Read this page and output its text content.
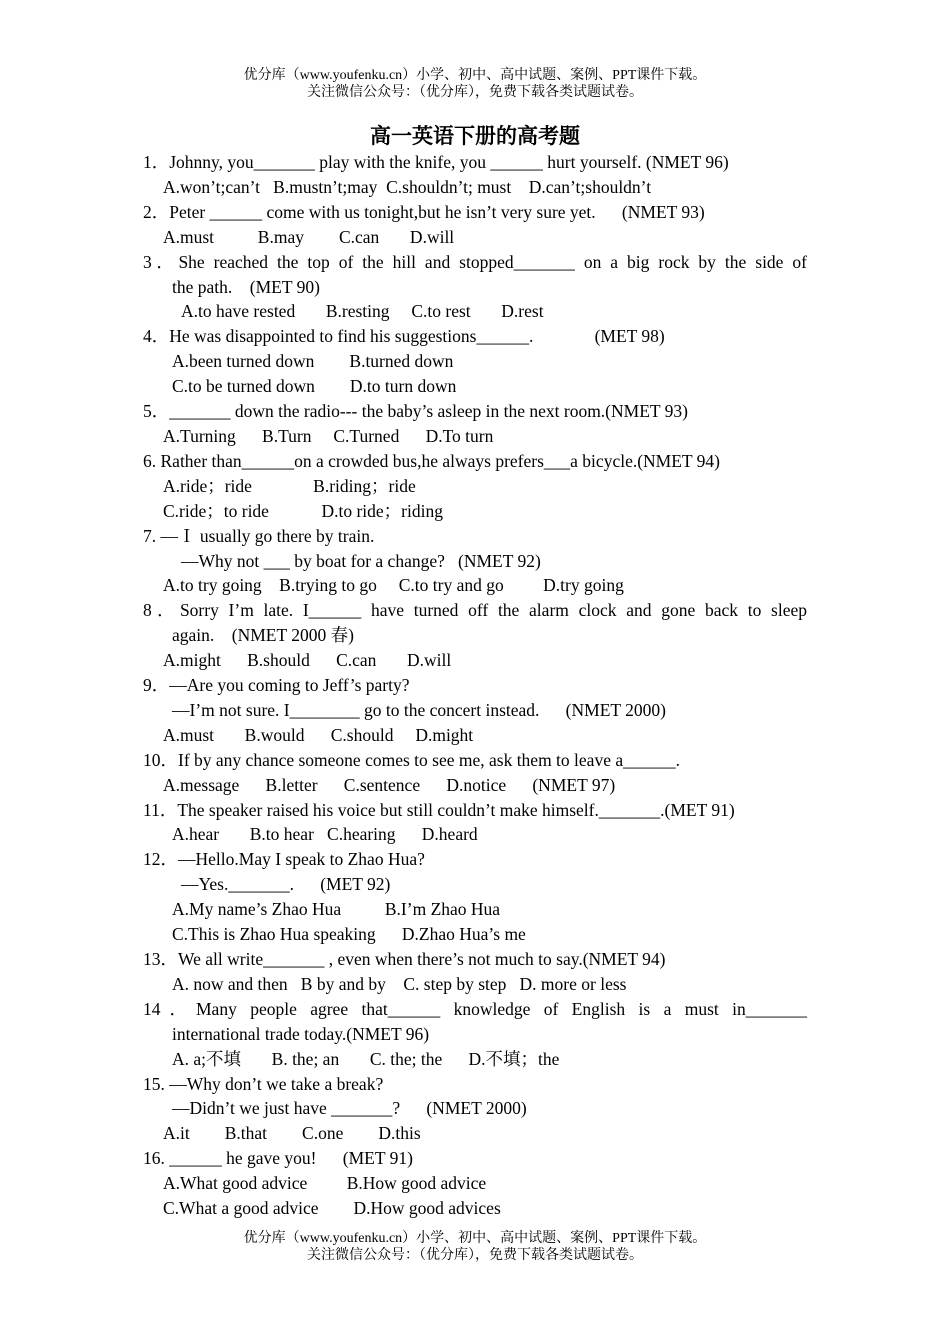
优分库（www.youfenku.cn）小学、初中、高中试题、案例、PPT课件下载。
关注微信公众号：（优分库），免费下载各类试题试卷。
高一英语下册的高考题
1．Johnny, you_______ play with the knife, you ______ hurt yourself. (NMET 96)
A.won’t;can’t   B.mustn’t;may  C.shouldn’t; must    D.can’t;shouldn’t
2．Peter ______ come with us tonight,but he isn’t very sure yet.      (NMET 93)
A.must          B.may        C.can       D.will
3．She reached the top of the hill and stopped_______ on a big rock by the side of
the path.    (MET 90)
A.to have rested       B.resting     C.to rest       D.rest
4．He was disappointed to find his suggestions______.              (MET 98)
A.been turned down        B.turned down
C.to be turned down        D.to turn down
5．_______ down the radio--- the baby’s asleep in the next room.(NMET 93)
A.Turning      B.Turn     C.Turned      D.To turn
6. Rather than______on a crowded bus,he always prefers___a bicycle.(NMET 94)
A.ride；ride              B.riding；ride
C.ride；to ride            D.to ride；riding
7. —Ｉ usually go there by train.
—Why not ___ by boat for a change?   (NMET 92)
A.to try going    B.trying to go     C.to try and go         D.try going
8．Sorry I’m late. I______ have turned off the alarm clock and gone back to sleep
again.    (NMET 2000 春)
A.might      B.should      C.can       D.will
9．—Are you coming to Jeff’s party?
—I’m not sure. I________ go to the concert instead.      (NMET 2000)
A.must       B.would      C.should     D.might
10．If by any chance someone comes to see me, ask them to leave a______.
A.message      B.letter      C.sentence      D.notice      (NMET 97)
11．The speaker raised his voice but still couldn’t make himself._______.(MET 91)
A.hear       B.to hear   C.hearing      D.heard
12．—Hello.May I speak to Zhao Hua?
—Yes._______.      (MET 92)
A.My name’s Zhao Hua          B.I’m Zhao Hua
C.This is Zhao Hua speaking      D.Zhao Hua’s me
13．We all write_______ , even when there’s not much to say.(NMET 94)
A. now and then   B by and by    C. step by step   D. more or less
14．Many people agree that______ knowledge of English is a must in_______
international trade today.(NMET 96)
A. a;不填       B. the; an       C. the; the      D.不填；the
15. —Why don’t we take a break?
—Didn’t we just have _______?      (NMET 2000)
A.it        B.that        C.one        D.this
16. ______ he gave you!      (MET 91)
A.What good advice         B.How good advice
C.What a good advice        D.How good advices
优分库（www.youfenku.cn）小学、初中、高中试题、案例、PPT课件下载。
关注微信公众号：（优分库），免费下载各类试题试卷。
